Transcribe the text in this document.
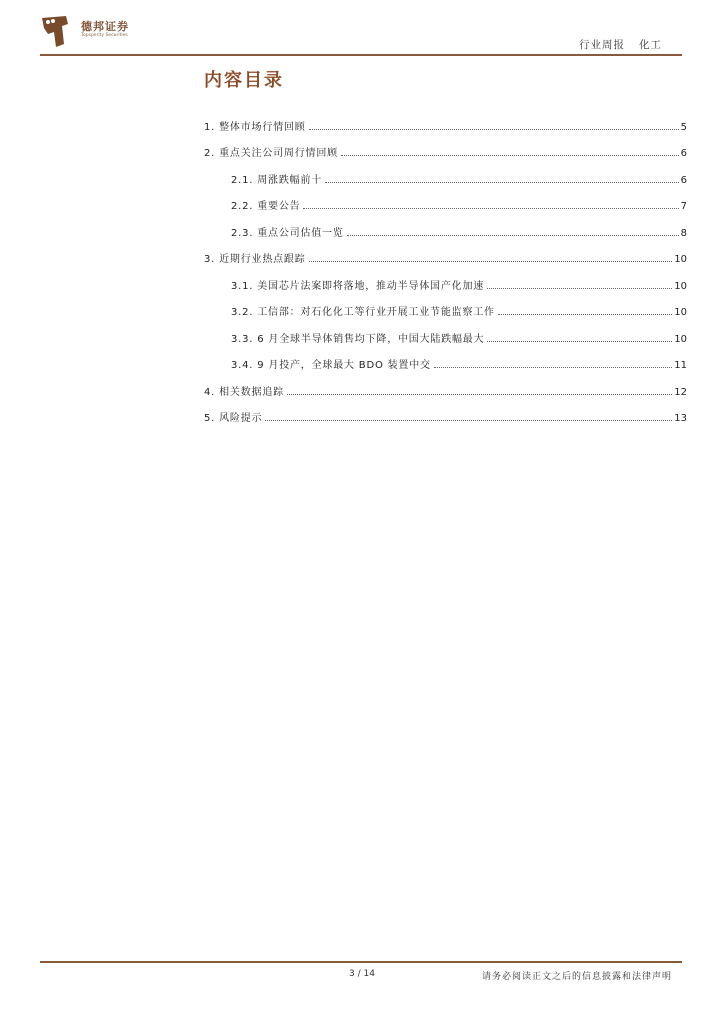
德邦证券
Topsperity Securities
行业周报 化工
内容目录
1. 整体市场行情回顾	5
2. 重点关注公司周行情回顾	6
2.1. 周涨跌幅前十	6
2.2. 重要公告	7
2.3. 重点公司估值一览	8
3. 近期行业热点跟踪	10
3.1. 美国芯片法案即将落地，推动半导体国产化加速	10
3.2. 工信部：对石化化工等行业开展工业节能监察工作	10
3.3. 6 月全球半导体销售均下降，中国大陆跌幅最大	10
3.4. 9 月投产，全球最大 BDO 装置中交	11
4. 相关数据追踪	12
5. 风险提示	13
3 / 14	请务必阅读正文之后的信息披露和法律声明
